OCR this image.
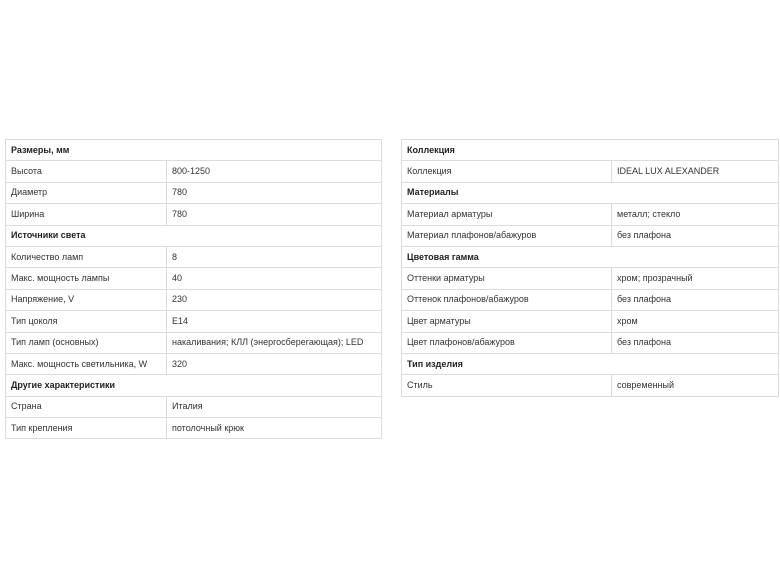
Размеры, мм	
Высота	800-1250
Диаметр	780
Ширина	780
Источники света	
Количество ламп	8
Макс. мощность лампы	40
Напряжение, V	230
Тип цоколя	E14
Тип ламп (основных)	накаливания; КЛЛ (энергосберегающая); LED
Макс. мощность светильника, W	320
Другие характеристики	
Страна	Италия
Тип крепления	потолочный крюк
Коллекция	
Коллекция	IDEAL LUX ALEXANDER
Материалы	
Материал арматуры	металл; стекло
Материал плафонов/абажуров	без плафона
Цветовая гамма	
Оттенки арматуры	хром; прозрачный
Оттенок плафонов/абажуров	без плафона
Цвет арматуры	хром
Цвет плафонов/абажуров	без плафона
Тип изделия	
Стиль	современный
